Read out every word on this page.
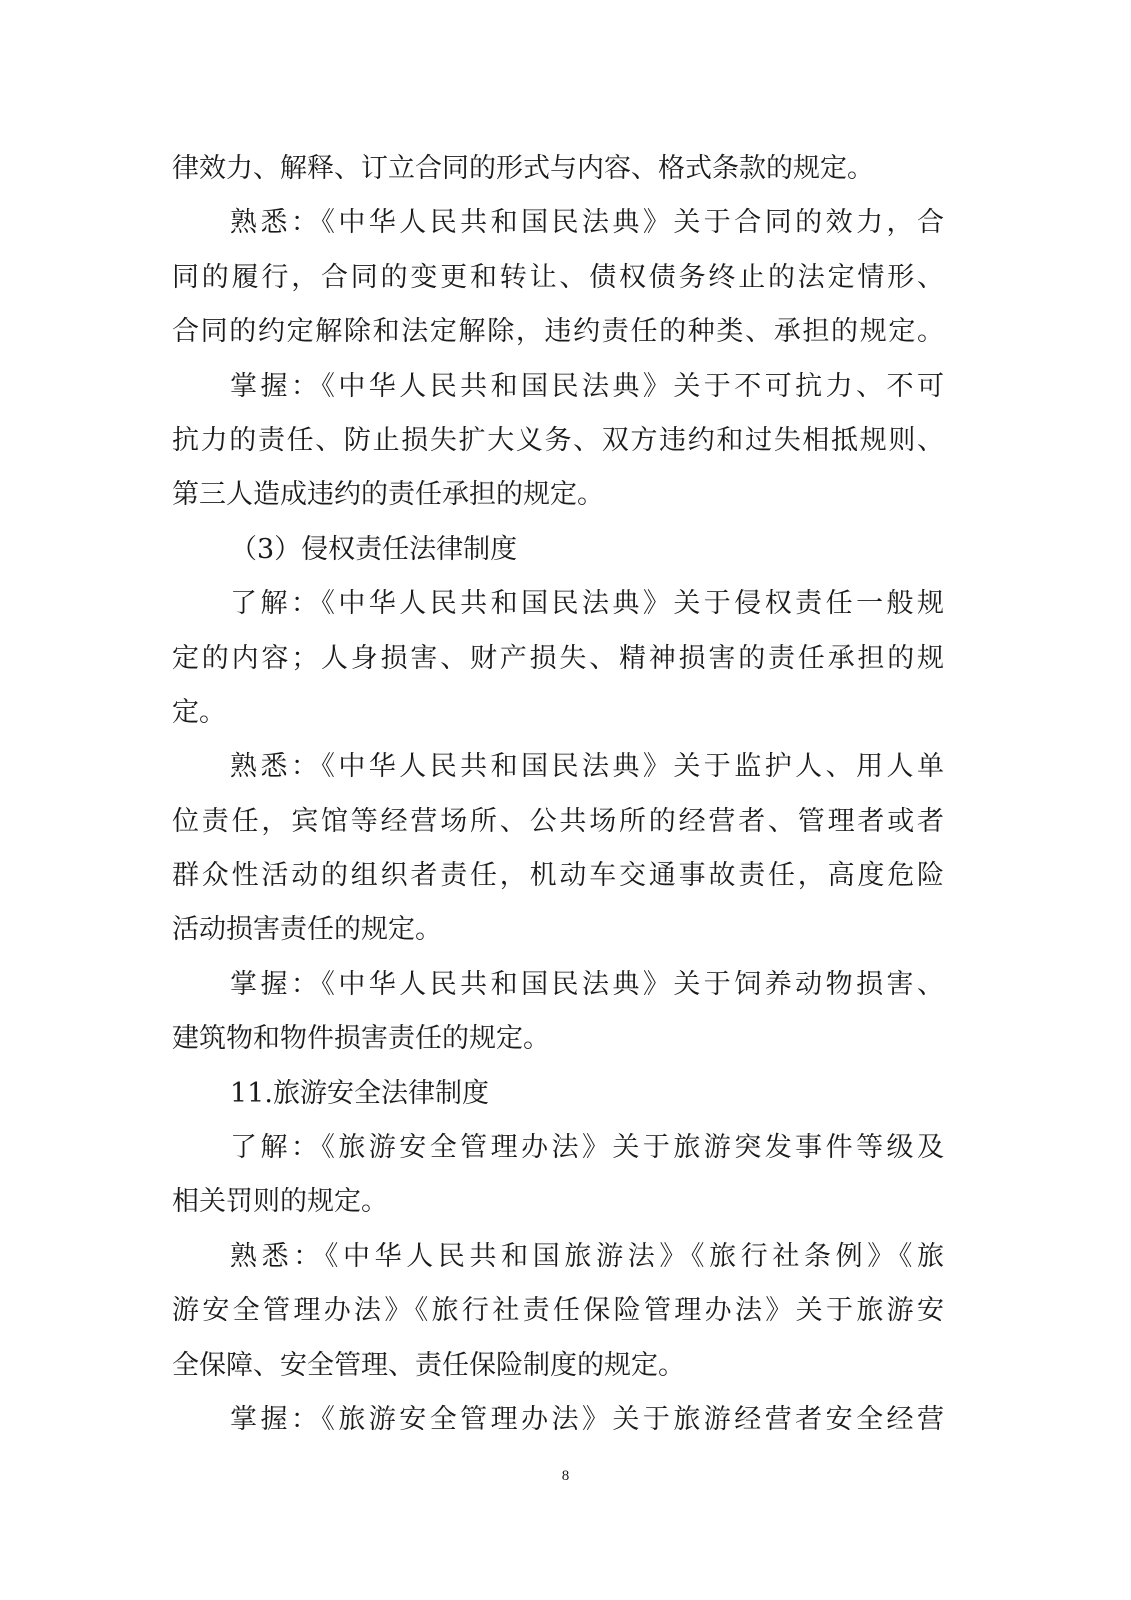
律效力、解释、订立合同的形式与内容、格式条款的规定。
熟悉：《中华人民共和国民法典》关于合同的效力，合
同的履行，合同的变更和转让、债权债务终止的法定情形、
合同的约定解除和法定解除，违约责任的种类、承担的规定。
掌握：《中华人民共和国民法典》关于不可抗力、不可
抗力的责任、防止损失扩大义务、双方违约和过失相抵规则、
第三人造成违约的责任承担的规定。
（3）侵权责任法律制度
了解：《中华人民共和国民法典》关于侵权责任一般规
定的内容；人身损害、财产损失、精神损害的责任承担的规
定。
熟悉：《中华人民共和国民法典》关于监护人、用人单
位责任，宾馆等经营场所、公共场所的经营者、管理者或者
群众性活动的组织者责任，机动车交通事故责任，高度危险
活动损害责任的规定。
掌握：《中华人民共和国民法典》关于饲养动物损害、
建筑物和物件损害责任的规定。
11.旅游安全法律制度
了解：《旅游安全管理办法》关于旅游突发事件等级及
相关罚则的规定。
熟悉：《中华人民共和国旅游法》《旅行社条例》《旅
游安全管理办法》《旅行社责任保险管理办法》关于旅游安
全保障、安全管理、责任保险制度的规定。
掌握：《旅游安全管理办法》关于旅游经营者安全经营
8
